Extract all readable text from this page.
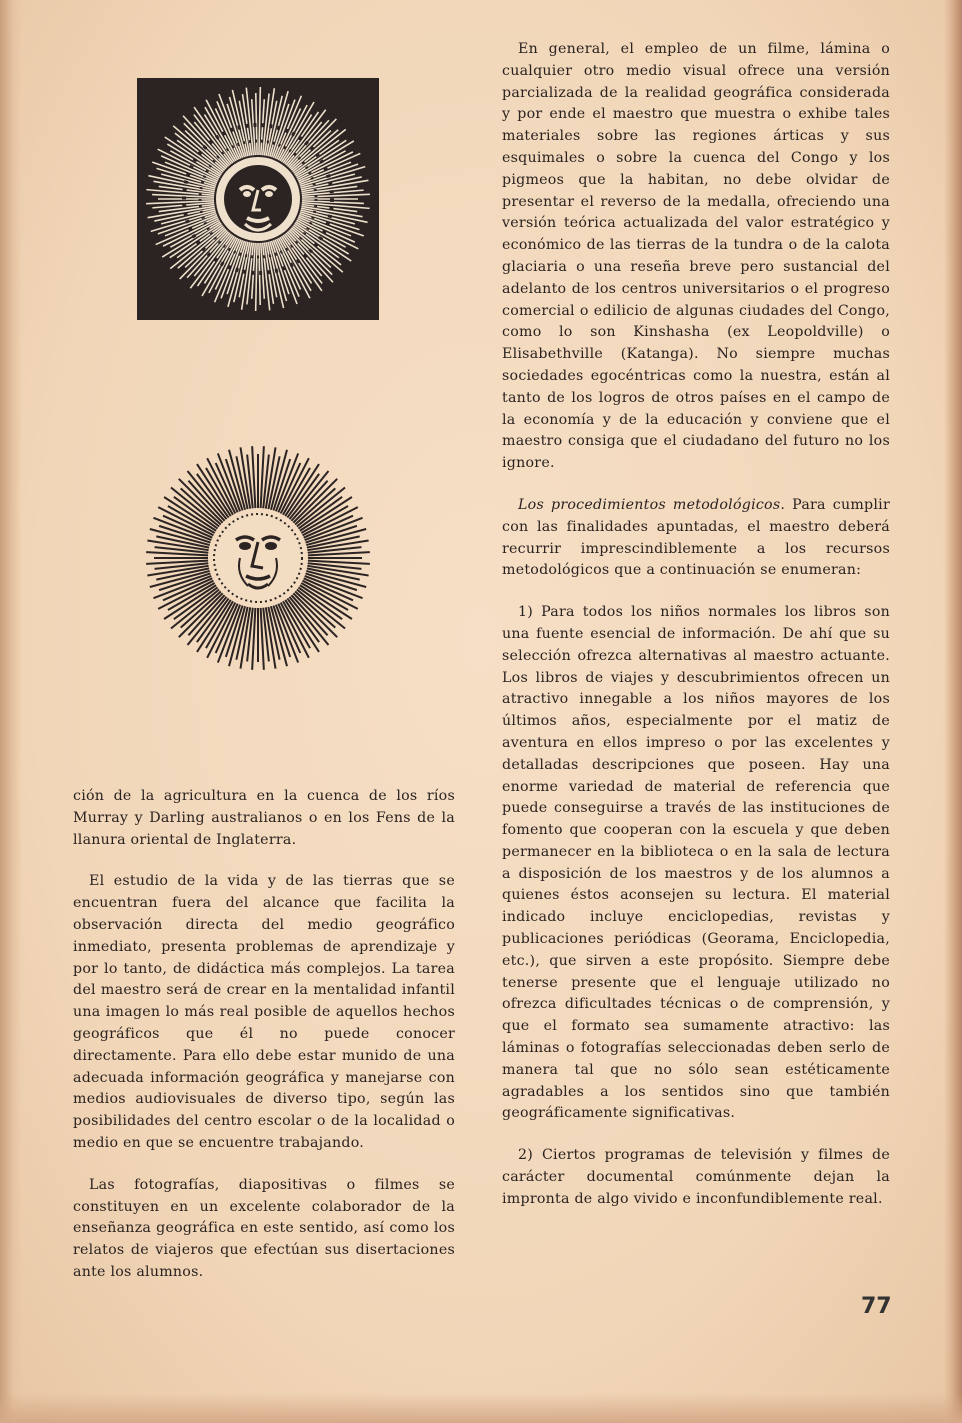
ción de la agricultura en la cuenca de los ríos Murray y Darling australianos o en los Fens de la llanura oriental de Inglaterra.

El estudio de la vida y de las tierras que se encuentran fuera del alcance que facilita la observación directa del medio geográfico inmediato, presenta problemas de aprendizaje y por lo tanto, de didáctica más complejos. La tarea del maestro será de crear en la mentalidad infantil una imagen lo más real posible de aquellos hechos geográficos que él no puede conocer directamente. Para ello debe estar munido de una adecuada información geográfica y manejarse con medios audiovisuales de diverso tipo, según las posibilidades del centro escolar o de la localidad o medio en que se encuentre trabajando.

Las fotografías, diapositivas o filmes se constituyen en un excelente colaborador de la enseñanza geográfica en este sentido, así como los relatos de viajeros que efectúan sus disertaciones ante los alumnos.

En general, el empleo de un filme, lámina o cualquier otro medio visual ofrece una versión parcializada de la realidad geográfica considerada y por ende el maestro que muestra o exhibe tales materiales sobre las regiones árticas y sus esquimales o sobre la cuenca del Congo y los pigmeos que la habitan, no debe olvidar de presentar el reverso de la medalla, ofreciendo una versión teórica actualizada del valor estratégico y económico de las tierras de la tundra o de la calota glaciaria o una reseña breve pero sustancial del adelanto de los centros universitarios o el progreso comercial o edilicio de algunas ciudades del Congo, como lo son Kinshasha (ex Leopoldville) o Elisabethville (Katanga). No siempre muchas sociedades egocéntricas como la nuestra, están al tanto de los logros de otros países en el campo de la economía y de la educación y conviene que el maestro consiga que el ciudadano del futuro no los ignore.

Los procedimientos metodológicos. Para cumplir con las finalidades apuntadas, el maestro deberá recurrir imprescindiblemente a los recursos metodológicos que a continuación se enumeran:

1) Para todos los niños normales los libros son una fuente esencial de información. De ahí que su selección ofrezca alternativas al maestro actuante. Los libros de viajes y descubrimientos ofrecen un atractivo innegable a los niños mayores de los últimos años, especialmente por el matiz de aventura en ellos impreso o por las excelentes y detalladas descripciones que poseen. Hay una enorme variedad de material de referencia que puede conseguirse a través de las instituciones de fomento que cooperan con la escuela y que deben permanecer en la biblioteca o en la sala de lectura a disposición de los maestros y de los alumnos a quienes éstos aconsejen su lectura. El material indicado incluye enciclopedias, revistas y publicaciones periódicas (Georama, Enciclopedia, etc.), que sirven a este propósito. Siempre debe tenerse presente que el lenguaje utilizado no ofrezca dificultades técnicas o de comprensión, y que el formato sea sumamente atractivo: las láminas o fotografías seleccionadas deben serlo de manera tal que no sólo sean estéticamente agradables a los sentidos sino que también geográficamente significativas.

2) Ciertos programas de televisión y filmes de carácter documental comúnmente dejan la impronta de algo vivido e inconfundiblemente real.

77
